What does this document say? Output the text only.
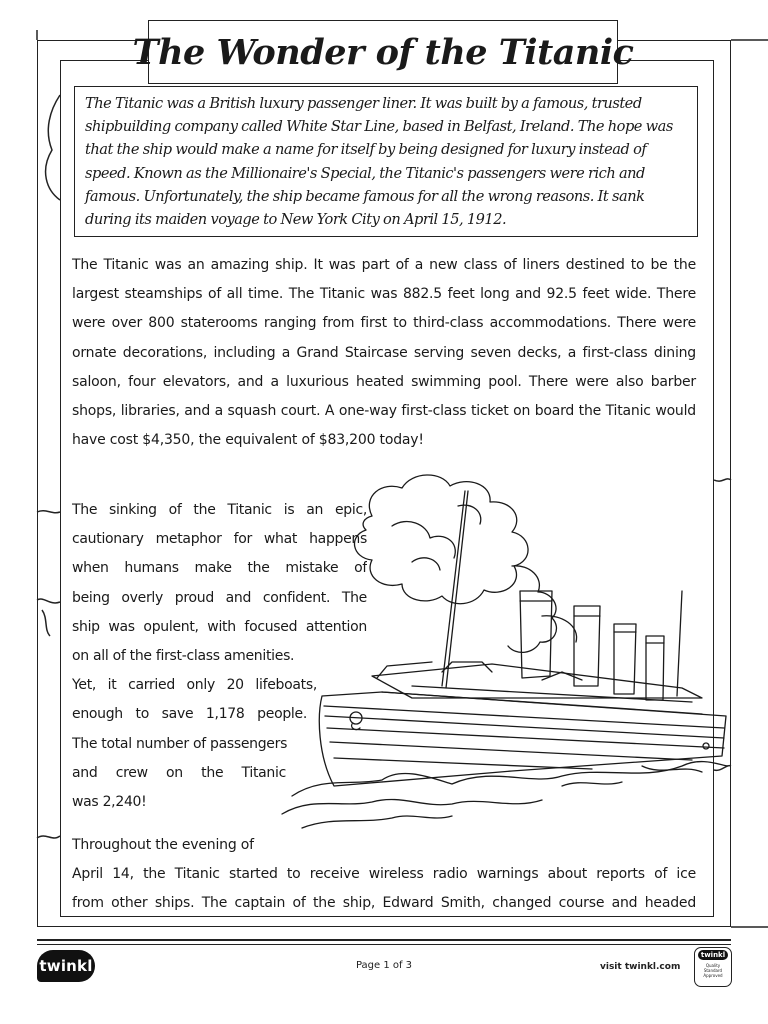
The Wonder of the Titanic

The Titanic was a British luxury passenger liner. It was built by a famous, trusted shipbuilding company called White Star Line, based in Belfast, Ireland. The hope was that the ship would make a name for itself by being designed for luxury instead of speed. Known as the Millionaire's Special, the Titanic's passengers were rich and famous. Unfortunately, the ship became famous for all the wrong reasons. It sank during its maiden voyage to New York City on April 15, 1912.

The Titanic was an amazing ship. It was part of a new class of liners destined to be the largest steamships of all time. The Titanic was 882.5 feet long and 92.5 feet wide. There were over 800 staterooms ranging from first to third-class accommodations. There were ornate decorations, including a Grand Staircase serving seven decks, a first-class dining saloon, four elevators, and a luxurious heated swimming pool. There were also barber shops, libraries, and a squash court. A one-way first-class ticket on board the Titanic would have cost $4,350, the equivalent of $83,200 today!

The sinking of the Titanic is an epic,
cautionary metaphor for what happens
when humans make the mistake of
being overly proud and confident. The
ship was opulent, with focused attention
on all of the first-class amenities.
Yet, it carried only 20 lifeboats,
enough to save 1,178 people.
The total number of passengers
and crew on the Titanic
was 2,240!
Throughout the evening of
April 14, the Titanic started to receive wireless radio warnings about reports of ice
from other ships. The captain of the ship, Edward Smith, changed course and headed
twinkl	Page 1 of 3	visit twinkl.com
twinkl
Quality Standard Approved
